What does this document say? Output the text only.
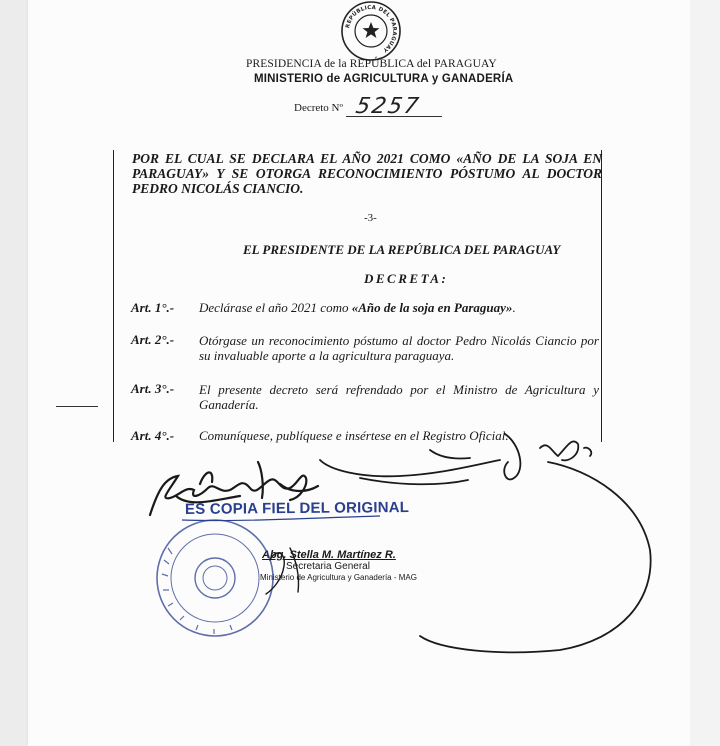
REPÚBLICA DEL PARAGUAY
PRESIDENCIA de la REPÚBLICA del PARAGUAY
MINISTERIO de AGRICULTURA y GANADERÍA
Decreto Nº 5257
POR EL CUAL SE DECLARA EL AÑO 2021 COMO «AÑO DE LA SOJA EN PARAGUAY» Y SE OTORGA RECONOCIMIENTO PÓSTUMO AL DOCTOR PEDRO NICOLÁS CIANCIO.
-3-
EL PRESIDENTE DE LA REPÚBLICA DEL PARAGUAY
DECRETA:
Art. 1°.- Declárase el año 2021 como «Año de la soja en Paraguay».
Art. 2°.- Otórgase un reconocimiento póstumo al doctor Pedro Nicolás Ciancio por su invaluable aporte a la agricultura paraguaya.
Art. 3°.- El presente decreto será refrendado por el Ministro de Agricultura y Ganadería.
Art. 4°.- Comuníquese, publíquese e insértese en el Registro Oficial.
ES COPIA FIEL DEL ORIGINAL
Abg. Stella M. Martínez R.
Secretaria General
Ministerio de Agricultura y Ganadería - MAG
